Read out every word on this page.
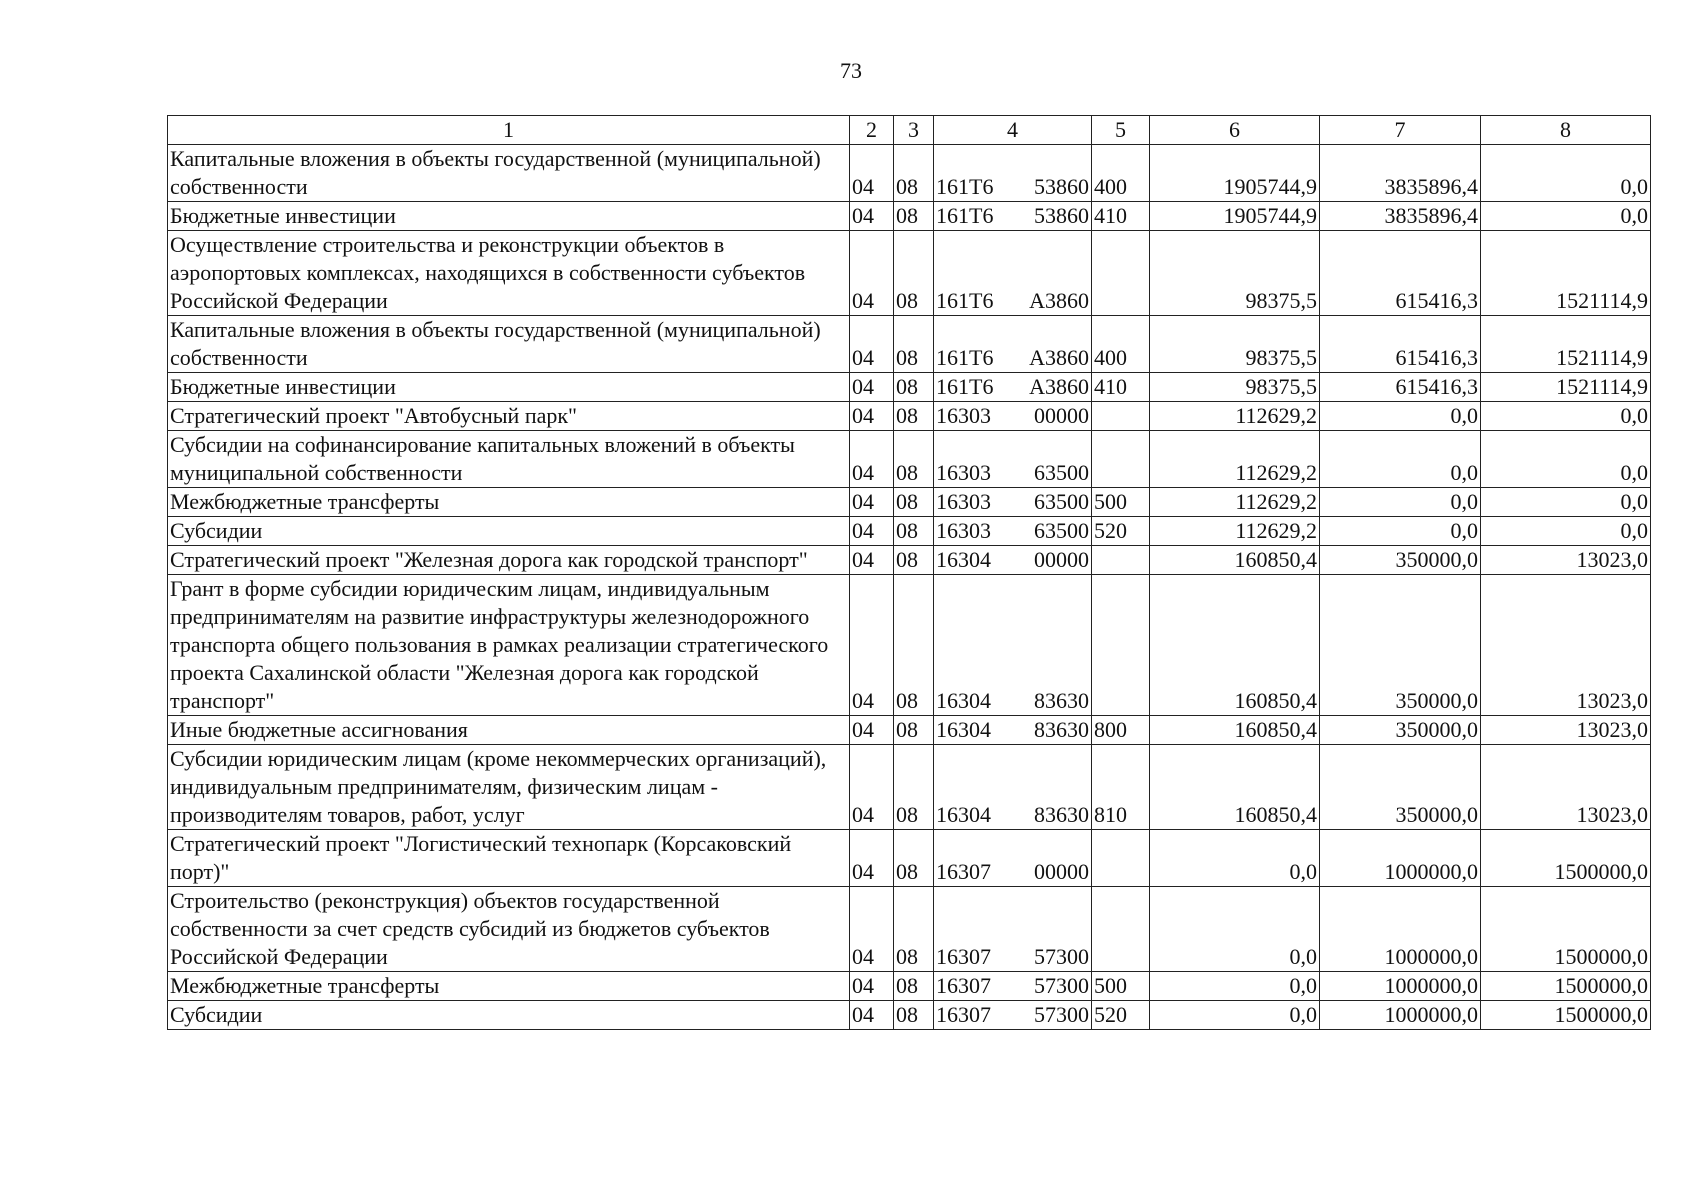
73
1	2	3	4	5	6	7	8
Капитальные вложения в объекты государственной (муниципальной) собственности	04	08	161Т6 53860	400	1905744,9	3835896,4	0,0
Бюджетные инвестиции	04	08	161Т6 53860	410	1905744,9	3835896,4	0,0
Осуществление строительства и реконструкции объектов в аэропортовых комплексах, находящихся в собственности субъектов Российской Федерации	04	08	161Т6 А3860		98375,5	615416,3	1521114,9
Капитальные вложения в объекты государственной (муниципальной) собственности	04	08	161Т6 А3860	400	98375,5	615416,3	1521114,9
Бюджетные инвестиции	04	08	161Т6 А3860	410	98375,5	615416,3	1521114,9
Стратегический проект "Автобусный парк"	04	08	16303 00000		112629,2	0,0	0,0
Субсидии на софинансирование капитальных вложений в объекты муниципальной собственности	04	08	16303 63500		112629,2	0,0	0,0
Межбюджетные трансферты	04	08	16303 63500	500	112629,2	0,0	0,0
Субсидии	04	08	16303 63500	520	112629,2	0,0	0,0
Стратегический проект "Железная дорога как городской транспорт"	04	08	16304 00000		160850,4	350000,0	13023,0
Грант в форме субсидии юридическим лицам, индивидуальным предпринимателям на развитие инфраструктуры железнодорожного транспорта общего пользования в рамках реализации стратегического проекта Сахалинской области "Железная дорога как городской транспорт"	04	08	16304 83630		160850,4	350000,0	13023,0
Иные бюджетные ассигнования	04	08	16304 83630	800	160850,4	350000,0	13023,0
Субсидии юридическим лицам (кроме некоммерческих организаций), индивидуальным предпринимателям, физическим лицам - производителям товаров, работ, услуг	04	08	16304 83630	810	160850,4	350000,0	13023,0
Стратегический проект "Логистический технопарк (Корсаковский порт)"	04	08	16307 00000		0,0	1000000,0	1500000,0
Строительство (реконструкция) объектов государственной собственности за счет средств субсидий из бюджетов субъектов Российской Федерации	04	08	16307 57300		0,0	1000000,0	1500000,0
Межбюджетные трансферты	04	08	16307 57300	500	0,0	1000000,0	1500000,0
Субсидии	04	08	16307 57300	520	0,0	1000000,0	1500000,0
